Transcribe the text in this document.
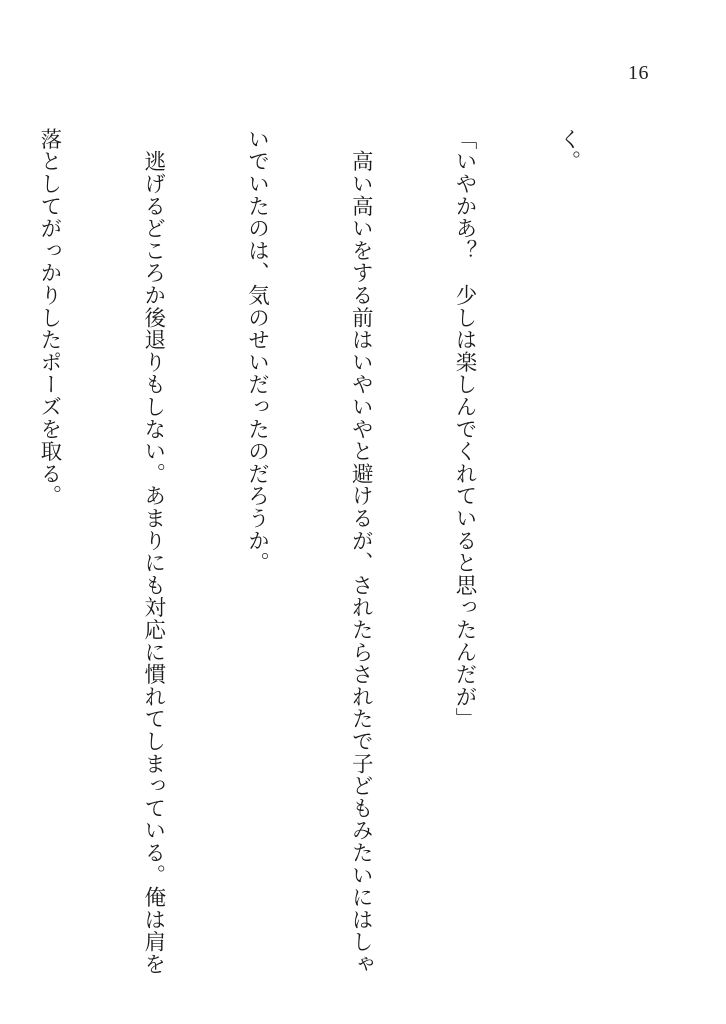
16

く。

「いやかあ？　少しは楽しんでくれていると思ったんだが」

　高い高いをする前はいやいやと避けるが、されたらされたで子どもみたいにはしゃ

いでいたのは、気のせいだったのだろうか。

　逃げるどころか後退りもしない。あまりにも対応に慣れてしまっている。俺は肩を

落としてがっかりしたポーズを取る。
